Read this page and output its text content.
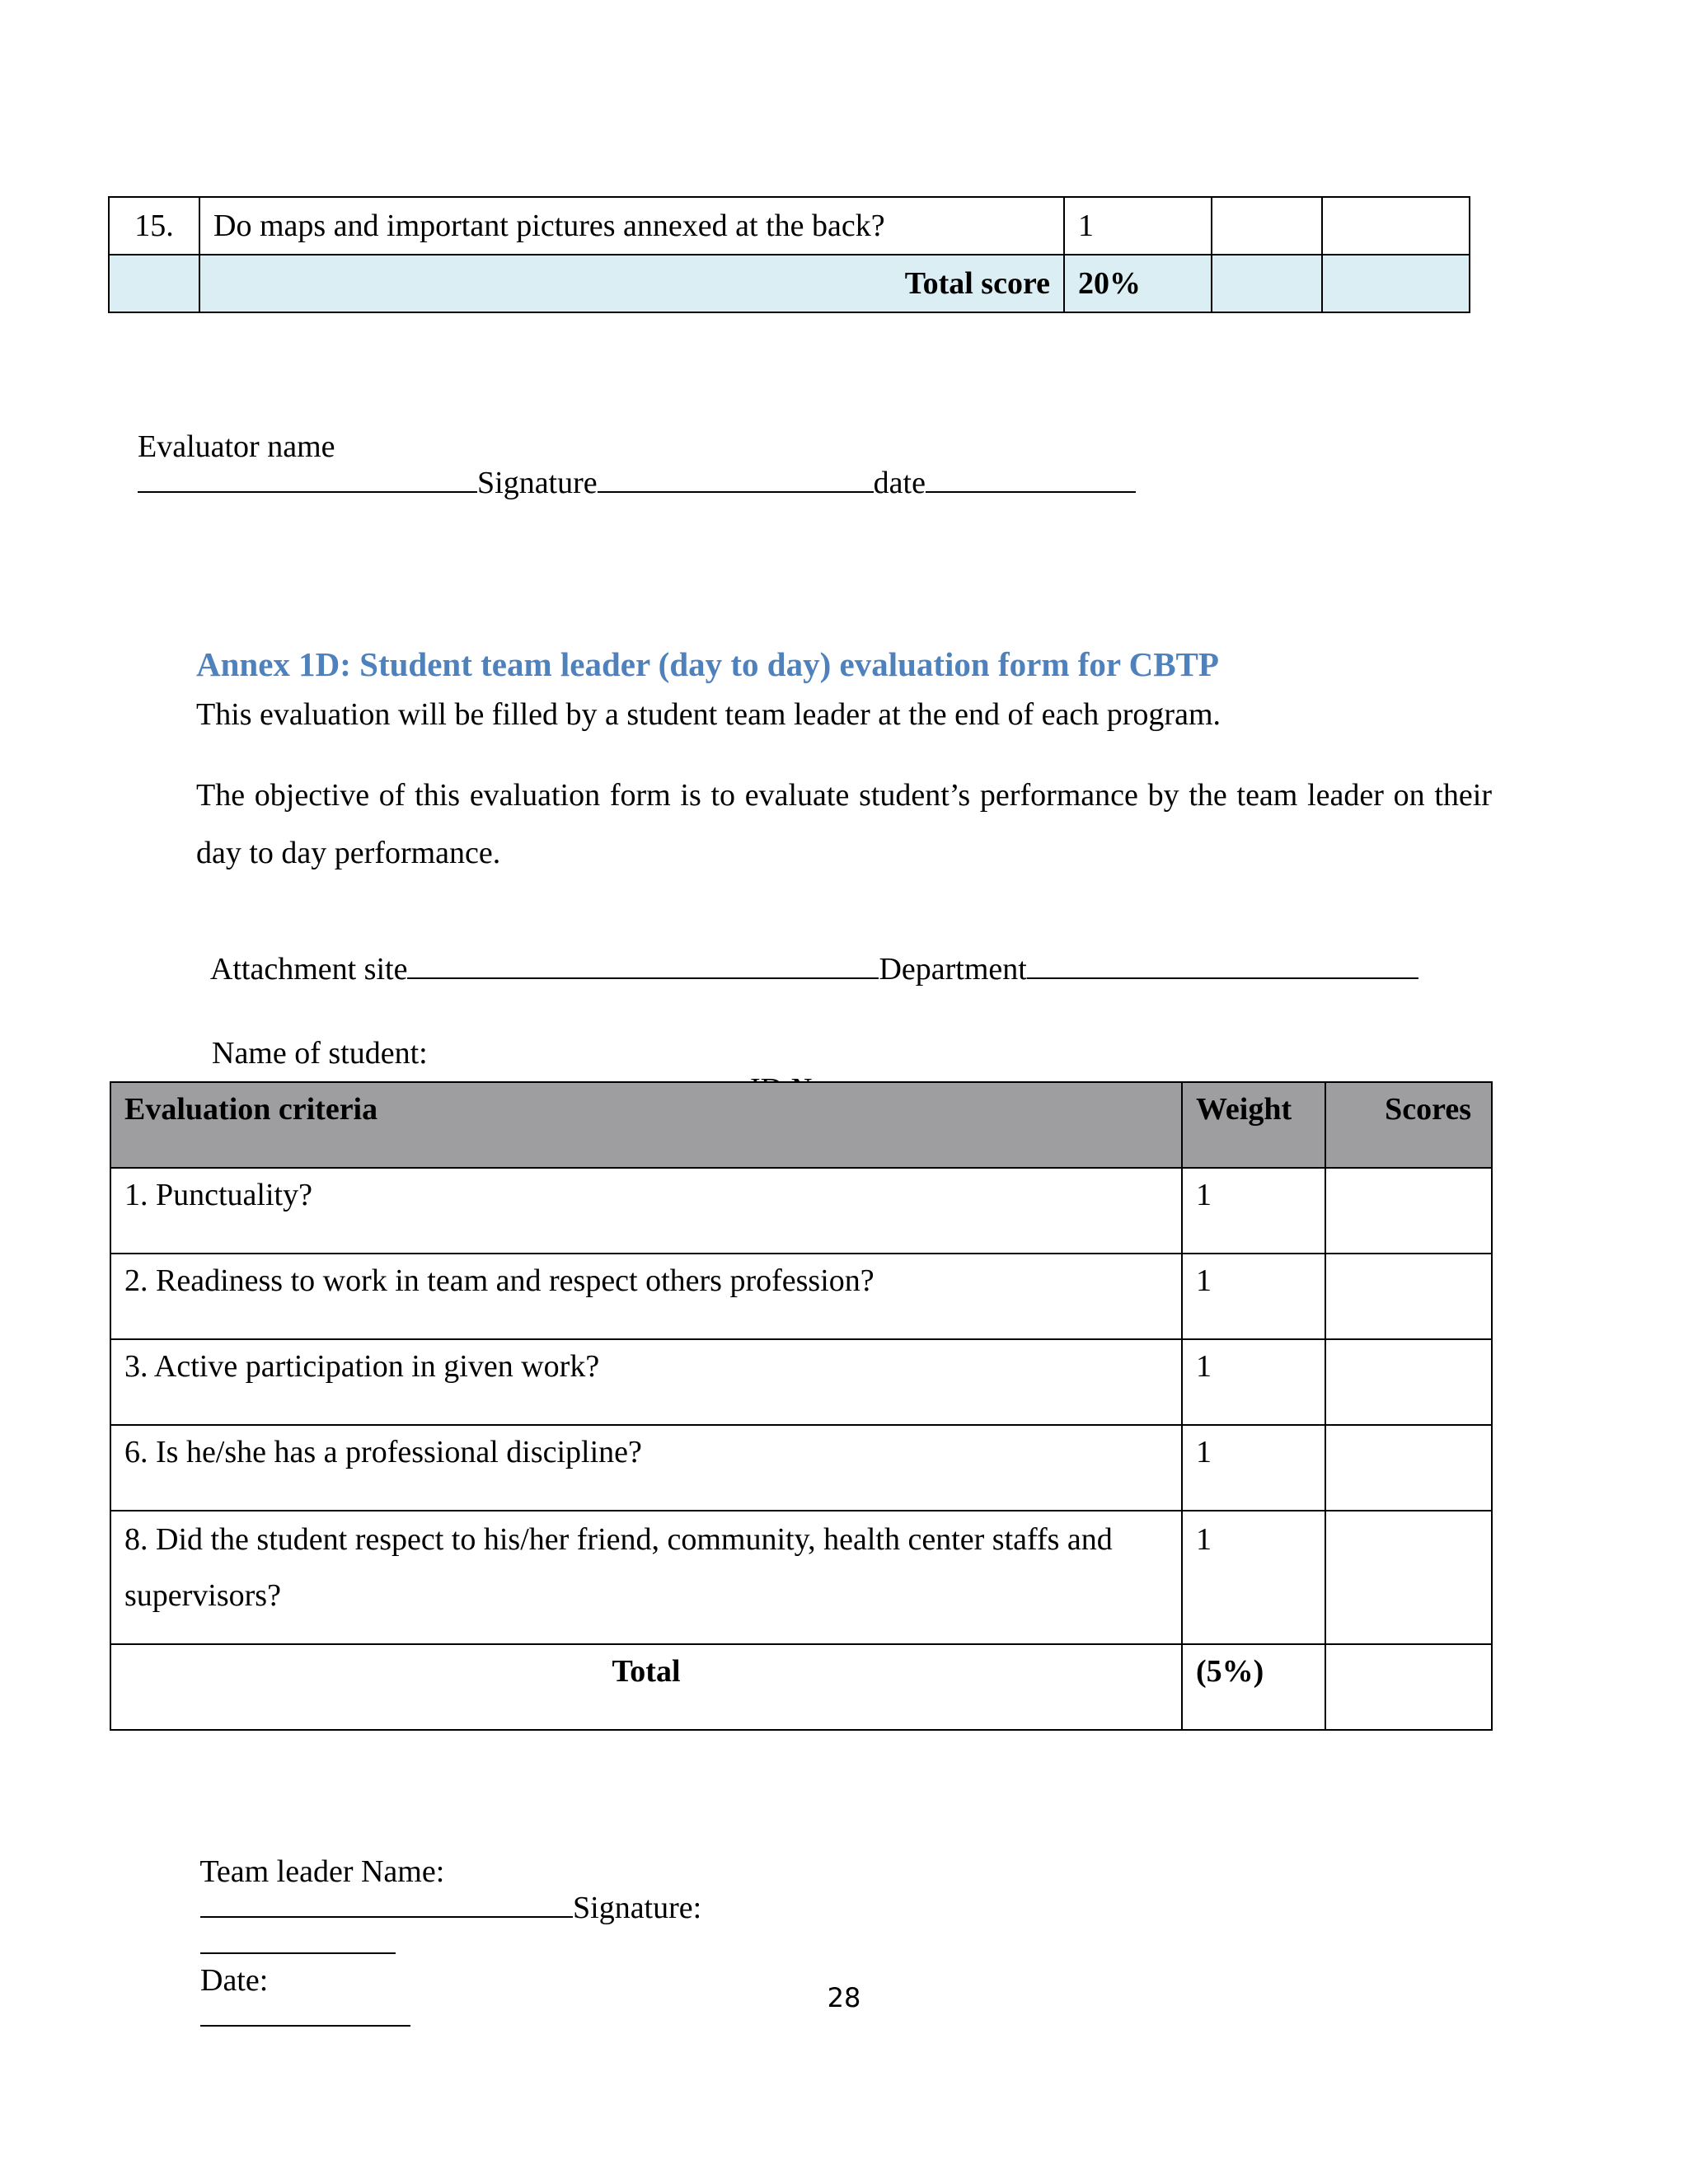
15.	Do maps and important pictures annexed at the back?	1		
	Total score	20%		

Evaluator name
Signature	date

Annex 1D: Student team leader (day to day) evaluation form for CBTP
This evaluation will be filled by a student team leader at the end of each program.
The objective of this evaluation form is to evaluate student’s performance by the team leader on their day to day performance.

Attachment site	Department

Name of student:

Evaluation criteria	Weight	Scores
1. Punctuality?	1	
2. Readiness to work in team and respect others profession?	1	
3. Active participation in given work?	1	
6. Is he/she has a professional discipline?	1	
8. Did the student respect to his/her friend, community, health center staffs and supervisors?	1	
Total	(5%)	

Team leader Name:
Signature:

Date:
	28
